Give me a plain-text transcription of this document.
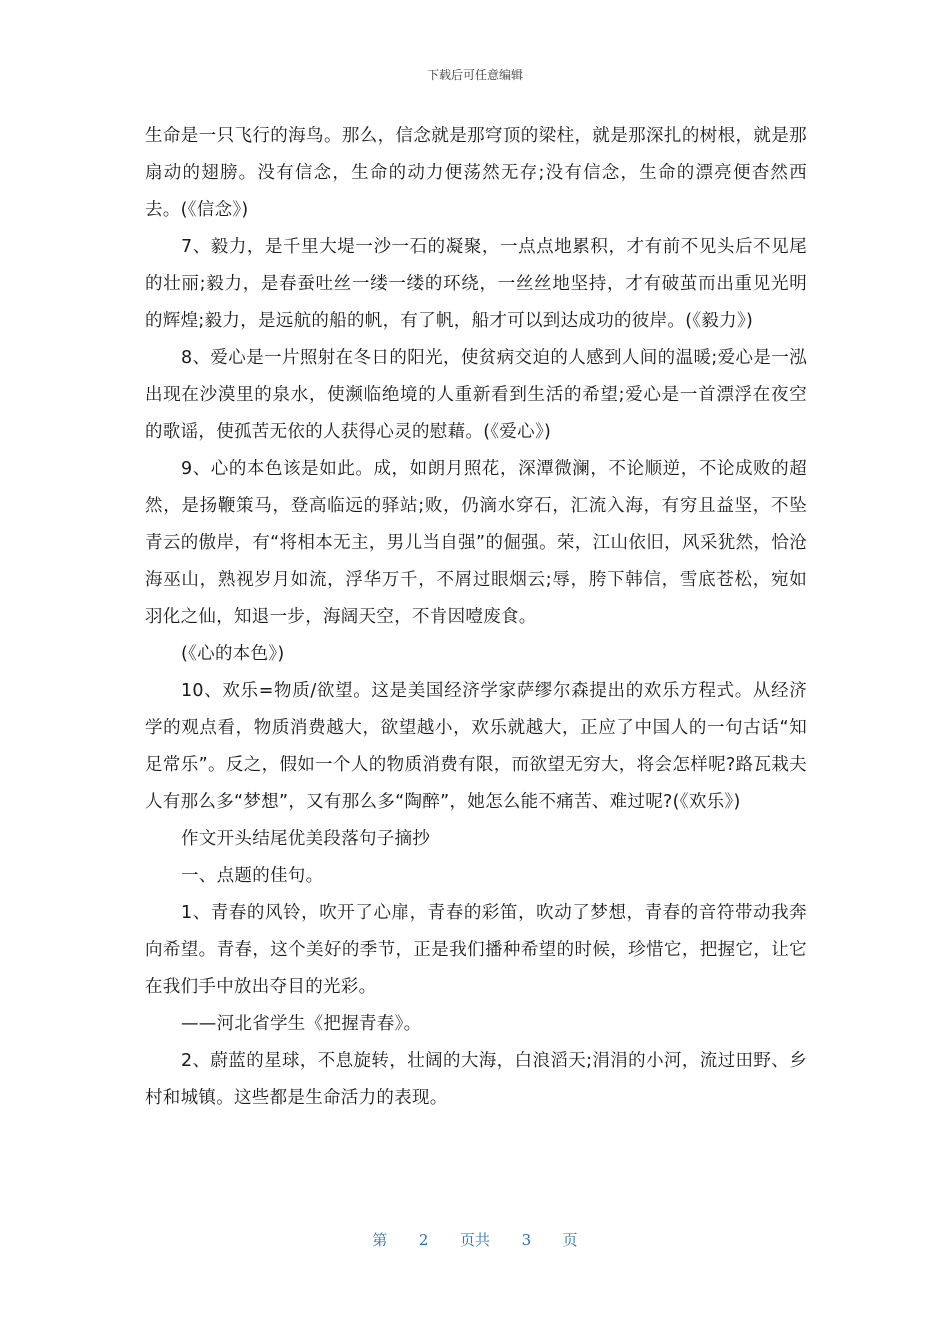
下载后可任意编辑

生命是一只飞行的海鸟。那么，信念就是那穹顶的梁柱，就是那深扎的树根，就是那扇动的翅膀。没有信念，生命的动力便荡然无存;没有信念，生命的漂亮便杳然西去。(《信念》)

7、毅力，是千里大堤一沙一石的凝聚，一点点地累积，才有前不见头后不见尾的壮丽;毅力，是春蚕吐丝一缕一缕的环绕，一丝丝地坚持，才有破茧而出重见光明的辉煌;毅力，是远航的船的帆，有了帆，船才可以到达成功的彼岸。(《毅力》)

8、爱心是一片照射在冬日的阳光，使贫病交迫的人感到人间的温暖;爱心是一泓出现在沙漠里的泉水，使濒临绝境的人重新看到生活的希望;爱心是一首漂浮在夜空的歌谣，使孤苦无依的人获得心灵的慰藉。(《爱心》)

9、心的本色该是如此。成，如朗月照花，深潭微澜，不论顺逆，不论成败的超然，是扬鞭策马，登高临远的驿站;败，仍滴水穿石，汇流入海，有穷且益坚，不坠青云的傲岸，有“将相本无主，男儿当自强”的倔强。荣，江山依旧，风采犹然，恰沧海巫山，熟视岁月如流，浮华万千，不屑过眼烟云;辱，胯下韩信，雪底苍松，宛如羽化之仙，知退一步，海阔天空，不肯因噎废食。

(《心的本色》)

10、欢乐=物质/欲望。这是美国经济学家萨缪尔森提出的欢乐方程式。从经济学的观点看，物质消费越大，欲望越小，欢乐就越大，正应了中国人的一句古话“知足常乐”。反之，假如一个人的物质消费有限，而欲望无穷大，将会怎样呢?路瓦栽夫人有那么多“梦想”，又有那么多“陶醉”，她怎么能不痛苦、难过呢?(《欢乐》)

作文开头结尾优美段落句子摘抄

一、点题的佳句。

1、青春的风铃，吹开了心扉，青春的彩笛，吹动了梦想，青春的音符带动我奔向希望。青春，这个美好的季节，正是我们播种希望的时候，珍惜它，把握它，让它在我们手中放出夺目的光彩。

——河北省学生《把握青春》。

2、蔚蓝的星球，不息旋转，壮阔的大海，白浪滔天;涓涓的小河，流过田野、乡村和城镇。这些都是生命活力的表现。

第 2 页共 3 页
